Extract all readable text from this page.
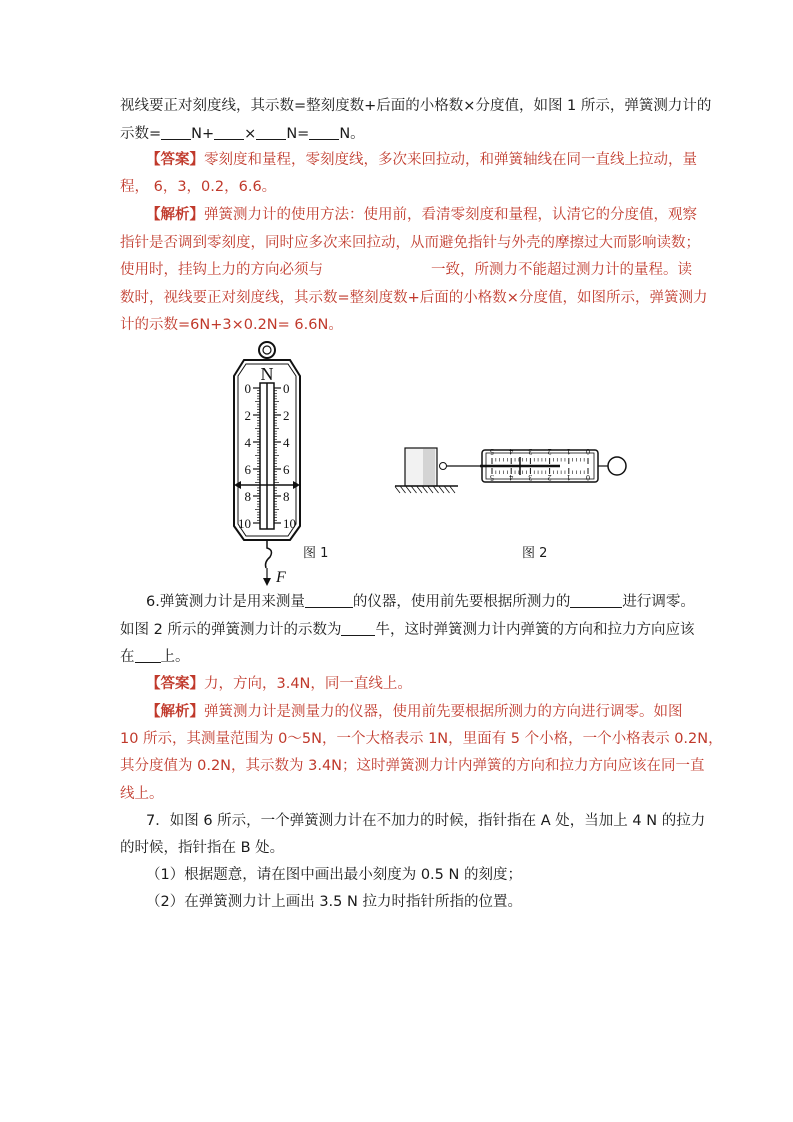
视线要正对刻度线，其示数=整刻度数+后面的小格数×分度值，如图 1 所示，弹簧测力计的
示数= N+ × N= N。
【答案】零刻度和量程，零刻度线，多次来回拉动，和弹簧轴线在同一直线上拉动，量
程， 6，3，0.2，6.6。
【解析】弹簧测力计的使用方法：使用前，看清零刻度和量程，认清它的分度值，观察
指针是否调到零刻度，同时应多次来回拉动，从而避免指针与外壳的摩擦过大而影响读数；
使用时，挂钩上力的方向必须与	一致，所测力不能超过测力计的量程。读
数时，视线要正对刻度线，其示数=整刻度数+后面的小格数×分度值，如图所示，弹簧测力
计的示数=6N+3×0.2N= 6.6N。
N
0
2
4
6
8
10
0
2
4
6
8
10
F
图 1
5 4 3 2 1 0
5 4 3 2 1 0
图 2
6.弹簧测力计是用来测量	的仪器，使用前先要根据所测力的	进行调零。
如图 2 所示的弹簧测力计的示数为 牛，这时弹簧测力计内弹簧的方向和拉力方向应该
在 上。
【答案】力，方向，3.4N，同一直线上。
【解析】弹簧测力计是测量力的仪器，使用前先要根据所测力的方向进行调零。如图
10 所示，其测量范围为 0～5N，一个大格表示 1N，里面有 5 个小格，一个小格表示 0.2N，
其分度值为 0.2N，其示数为 3.4N；这时弹簧测力计内弹簧的方向和拉力方向应该在同一直
线上。
7．如图 6 所示，一个弹簧测力计在不加力的时候，指针指在 A 处，当加上 4 N 的拉力
的时候，指针指在 B 处。
（1）根据题意，请在图中画出最小刻度为 0.5 N 的刻度；
（2）在弹簧测力计上画出 3.5 N 拉力时指针所指的位置。
